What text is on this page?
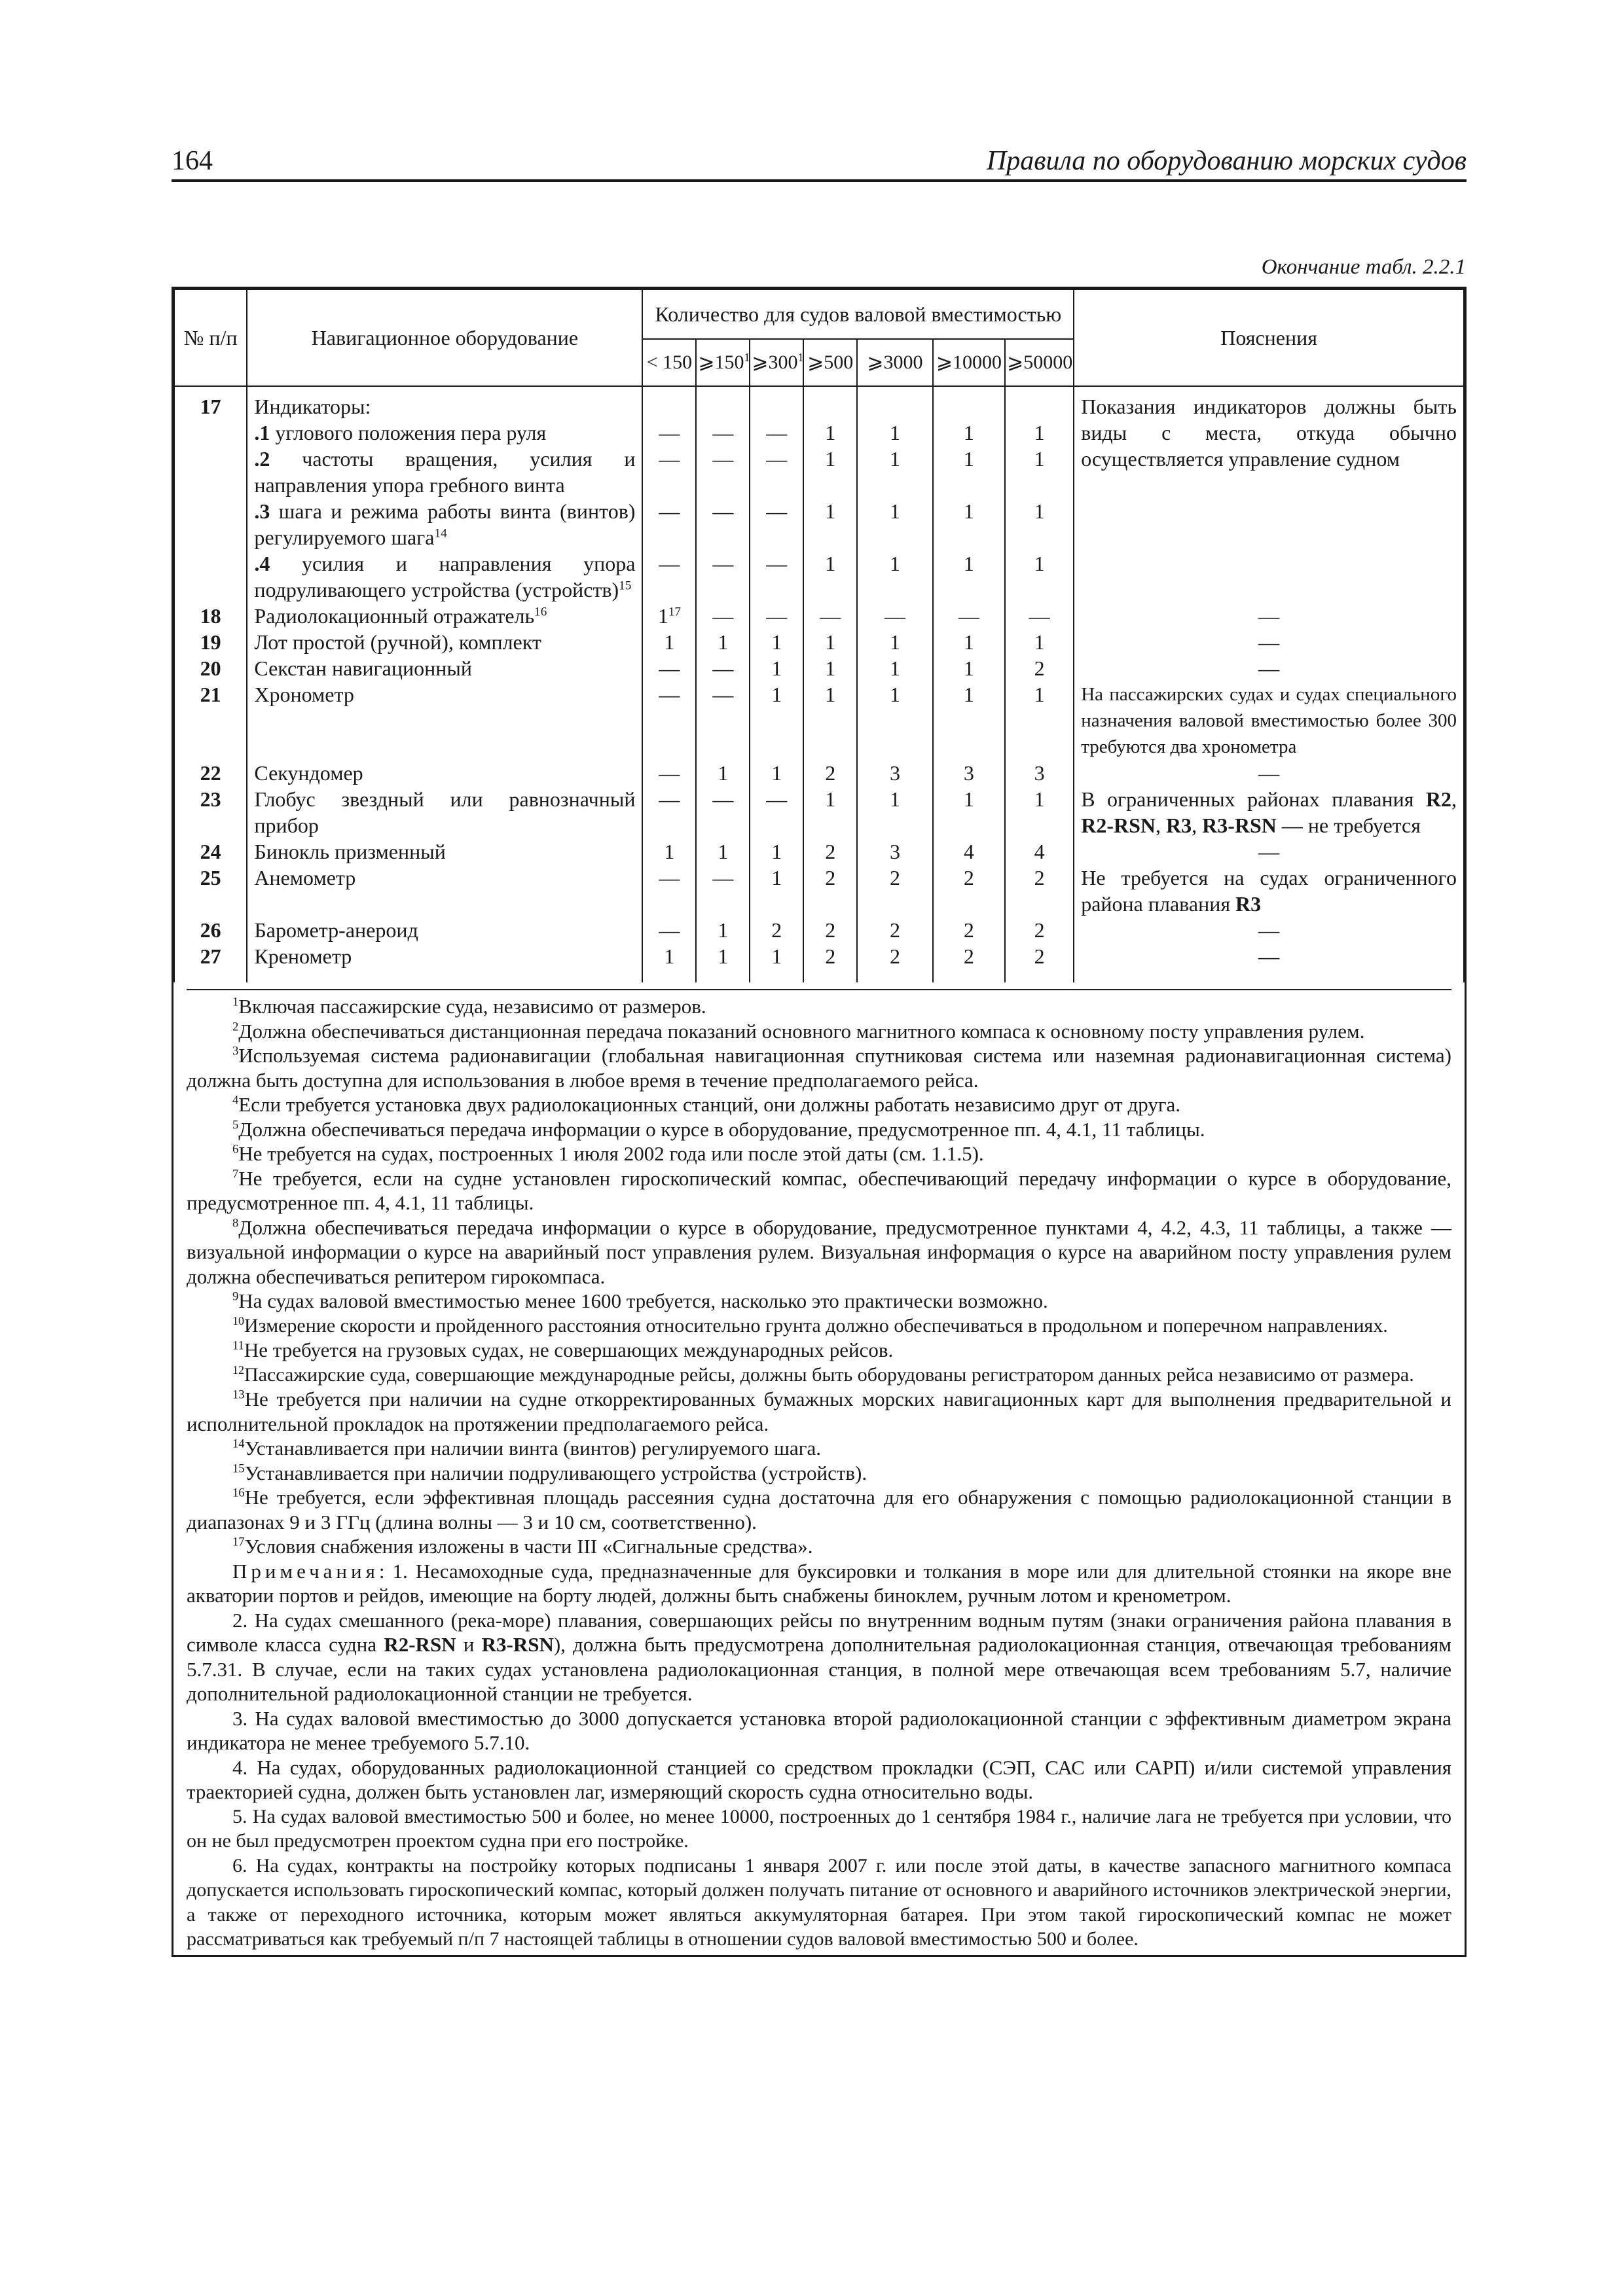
164	Правила по оборудованию морских судов
Окончание табл. 2.2.1
№ п/п	Навигационное оборудование	Количество для судов валовой вместимостью							Пояснения
		< 150	$⩾150^1$	$⩾300^1$	⩾500	⩾3000	⩾10000	⩾50000	

17	Индикаторы:								Показания индикаторов должны быть виды с места, откуда обычно осуществляется управление судном
	.1 углового положения пера руля	—	—	—	1	1	1	1	
	.2 частоты вращения, усилия и направления упора гребного винта	—	—	—	1	1	1	1	
	.3 шага и режима работы винта (винтов) регулируемого шага$^{14}$	—	—	—	1	1	1	1	
	.4 усилия и направления упора подруливающего устройства (устройств)$^{15}$	—	—	—	1	1	1	1	
18	Радиолокационный отражатель$^{16}$	$1^{17}$	—	—	—	—	—	—	—
19	Лот простой (ручной), комплект	1	1	1	1	1	1	1	—
20	Секстан навигационный	—	—	1	1	1	1	2	—
21	Хронометр	—	—	1	1	1	1	1	На пассажирских судах и судах специального назначения валовой вместимостью более 300 требуются два хронометра
22	Секундомер	—	1	1	2	3	3	3	—
23	Глобус звездный или равнозначный прибор	—	—	—	1	1	1	1	В ограниченных районах плавания R2, R2-RSN, R3, R3-RSN — не требуется
24	Бинокль призменный	1	1	1	2	3	4	4	—
25	Анемометр	—	—	1	2	2	2	2	Не требуется на судах ограниченного района плавания R3
26	Барометр-анероид	—	1	2	2	2	2	2	—
27	Кренометр	1	1	1	2	2	2	2	—

$^1$Включая пассажирские суда, независимо от размеров.

$^2$Должна обеспечиваться дистанционная передача показаний основного магнитного компаса к основному посту управления рулем.

$^3$Используемая система радионавигации (глобальная навигационная спутниковая система или наземная радионавигационная система) должна быть доступна для использования в любое время в течение предполагаемого рейса.

$^4$Если требуется установка двух радиолокационных станций, они должны работать независимо друг от друга.

$^5$Должна обеспечиваться передача информации о курсе в оборудование, предусмотренное пп. 4, 4.1, 11 таблицы.

$^6$Не требуется на судах, построенных 1 июля 2002 года или после этой даты (см. 1.1.5).

$^7$Не требуется, если на судне установлен гироскопический компас, обеспечивающий передачу информации о курсе в оборудование, предусмотренное пп. 4, 4.1, 11 таблицы.

$^8$Должна обеспечиваться передача информации о курсе в оборудование, предусмотренное пунктами 4, 4.2, 4.3, 11 таблицы, а также — визуальной информации о курсе на аварийный пост управления рулем. Визуальная информация о курсе на аварийном посту управления рулем должна обеспечиваться репитером гирокомпаса.

$^9$На судах валовой вместимостью менее 1600 требуется, насколько это практически возможно.

$^{10}$Измерение скорости и пройденного расстояния относительно грунта должно обеспечиваться в продольном и поперечном направлениях.

$^{11}$Не требуется на грузовых судах, не совершающих международных рейсов.

$^{12}$Пассажирские суда, совершающие международные рейсы, должны быть оборудованы регистратором данных рейса независимо от размера.

$^{13}$Не требуется при наличии на судне откорректированных бумажных морских навигационных карт для выполнения предварительной и исполнительной прокладок на протяжении предполагаемого рейса.

$^{14}$Устанавливается при наличии винта (винтов) регулируемого шага.

$^{15}$Устанавливается при наличии подруливающего устройства (устройств).

$^{16}$Не требуется, если эффективная площадь рассеяния судна достаточна для его обнаружения с помощью радиолокационной станции в диапазонах 9 и 3 ГГц (длина волны — 3 и 10 см, соответственно).

$^{17}$Условия снабжения изложены в части III «Сигнальные средства».

Примечания: 1. Несамоходные суда, предназначенные для буксировки и толкания в море или для длительной стоянки на якоре вне акватории портов и рейдов, имеющие на борту людей, должны быть снабжены биноклем, ручным лотом и кренометром.

2. На судах смешанного (река-море) плавания, совершающих рейсы по внутренним водным путям (знаки ограничения района плавания в символе класса судна R2-RSN и R3-RSN), должна быть предусмотрена дополнительная радиолокационная станция, отвечающая требованиям 5.7.31. В случае, если на таких судах установлена радиолокационная станция, в полной мере отвечающая всем требованиям 5.7, наличие дополнительной радиолокационной станции не требуется.

3. На судах валовой вместимостью до 3000 допускается установка второй радиолокационной станции с эффективным диаметром экрана индикатора не менее требуемого 5.7.10.

4. На судах, оборудованных радиолокационной станцией со средством прокладки (СЭП, САС или САРП) и/или системой управления траекторией судна, должен быть установлен лаг, измеряющий скорость судна относительно воды.

5. На судах валовой вместимостью 500 и более, но менее 10000, построенных до 1 сентября 1984 г., наличие лага не требуется при условии, что он не был предусмотрен проектом судна при его постройке.

6. На судах, контракты на постройку которых подписаны 1 января 2007 г. или после этой даты, в качестве запасного магнитного компаса допускается использовать гироскопический компас, который должен получать питание от основного и аварийного источников электрической энергии, а также от переходного источника, которым может являться аккумуляторная батарея. При этом такой гироскопический компас не может рассматриваться как требуемый п/п 7 настоящей таблицы в отношении судов валовой вместимостью 500 и более.
